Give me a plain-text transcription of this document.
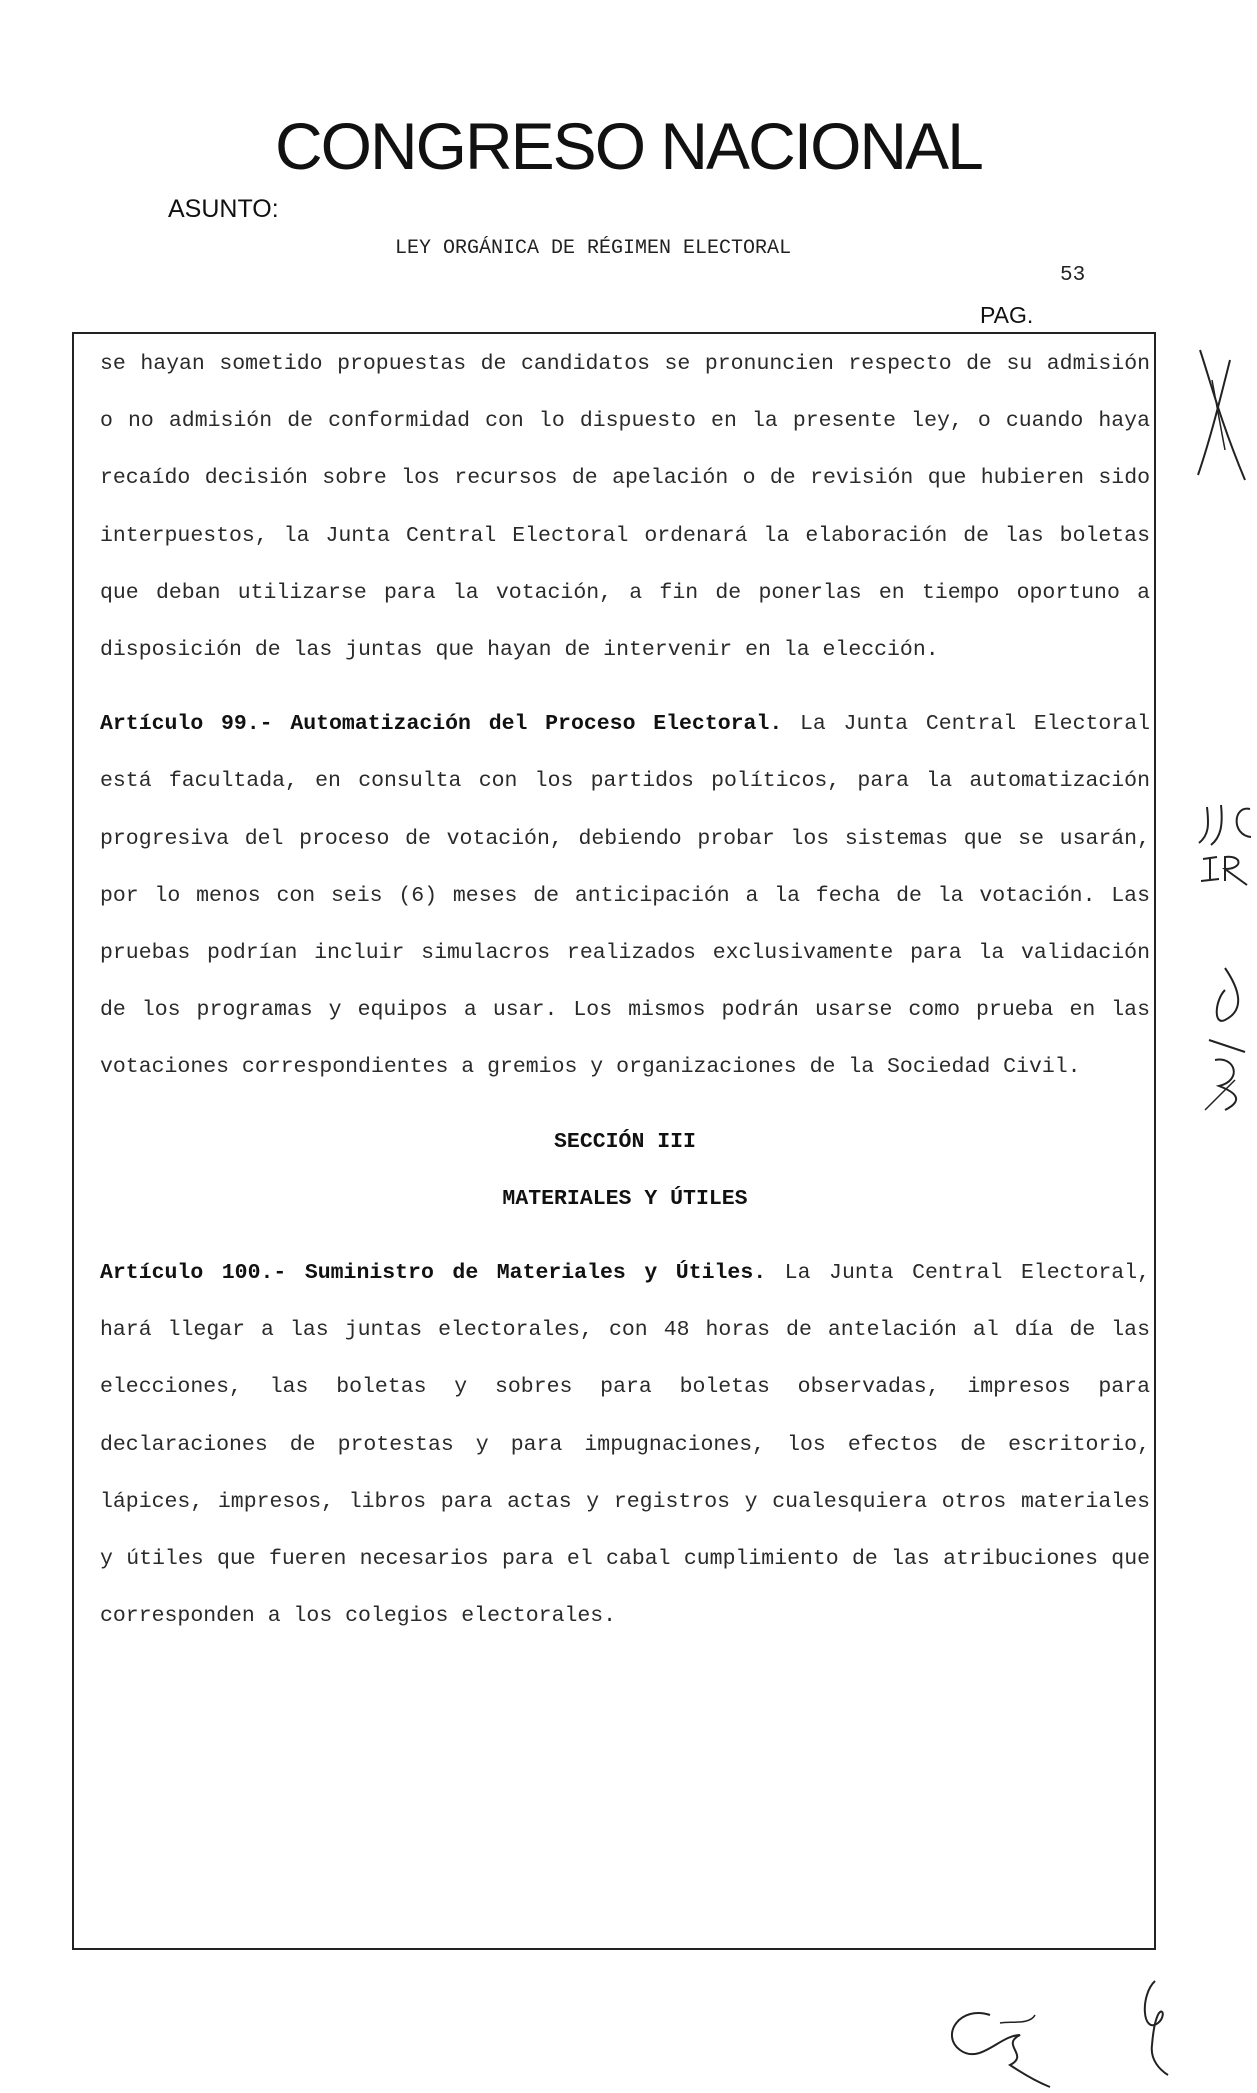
CONGRESO NACIONAL
ASUNTO:
LEY ORGÁNICA DE RÉGIMEN ELECTORAL
53
PAG.

se hayan sometido propuestas de candidatos se pronuncien respecto de su admisión o no admisión de conformidad con lo dispuesto en la presente ley, o cuando haya recaído decisión sobre los recursos de apelación o de revisión que hubieren sido interpuestos, la Junta Central Electoral ordenará la elaboración de las boletas que deban utilizarse para la votación, a fin de ponerlas en tiempo oportuno a disposición de las juntas que hayan de intervenir en la elección.

Artículo 99.- Automatización del Proceso Electoral. La Junta Central Electoral está facultada, en consulta con los partidos políticos, para la automatización progresiva del proceso de votación, debiendo probar los sistemas que se usarán, por lo menos con seis (6) meses de anticipación a la fecha de la votación. Las pruebas podrían incluir simulacros realizados exclusivamente para la validación de los programas y equipos a usar. Los mismos podrán usarse como prueba en las votaciones correspondientes a gremios y organizaciones de la Sociedad Civil.

SECCIÓN III

MATERIALES Y ÚTILES

Artículo 100.- Suministro de Materiales y Útiles. La Junta Central Electoral, hará llegar a las juntas electorales, con 48 horas de antelación al día de las elecciones, las boletas y sobres para boletas observadas, impresos para declaraciones de protestas y para impugnaciones, los efectos de escritorio, lápices, impresos, libros para actas y registros y cualesquiera otros materiales y útiles que fueren necesarios para el cabal cumplimiento de las atribuciones que corresponden a los colegios electorales.
